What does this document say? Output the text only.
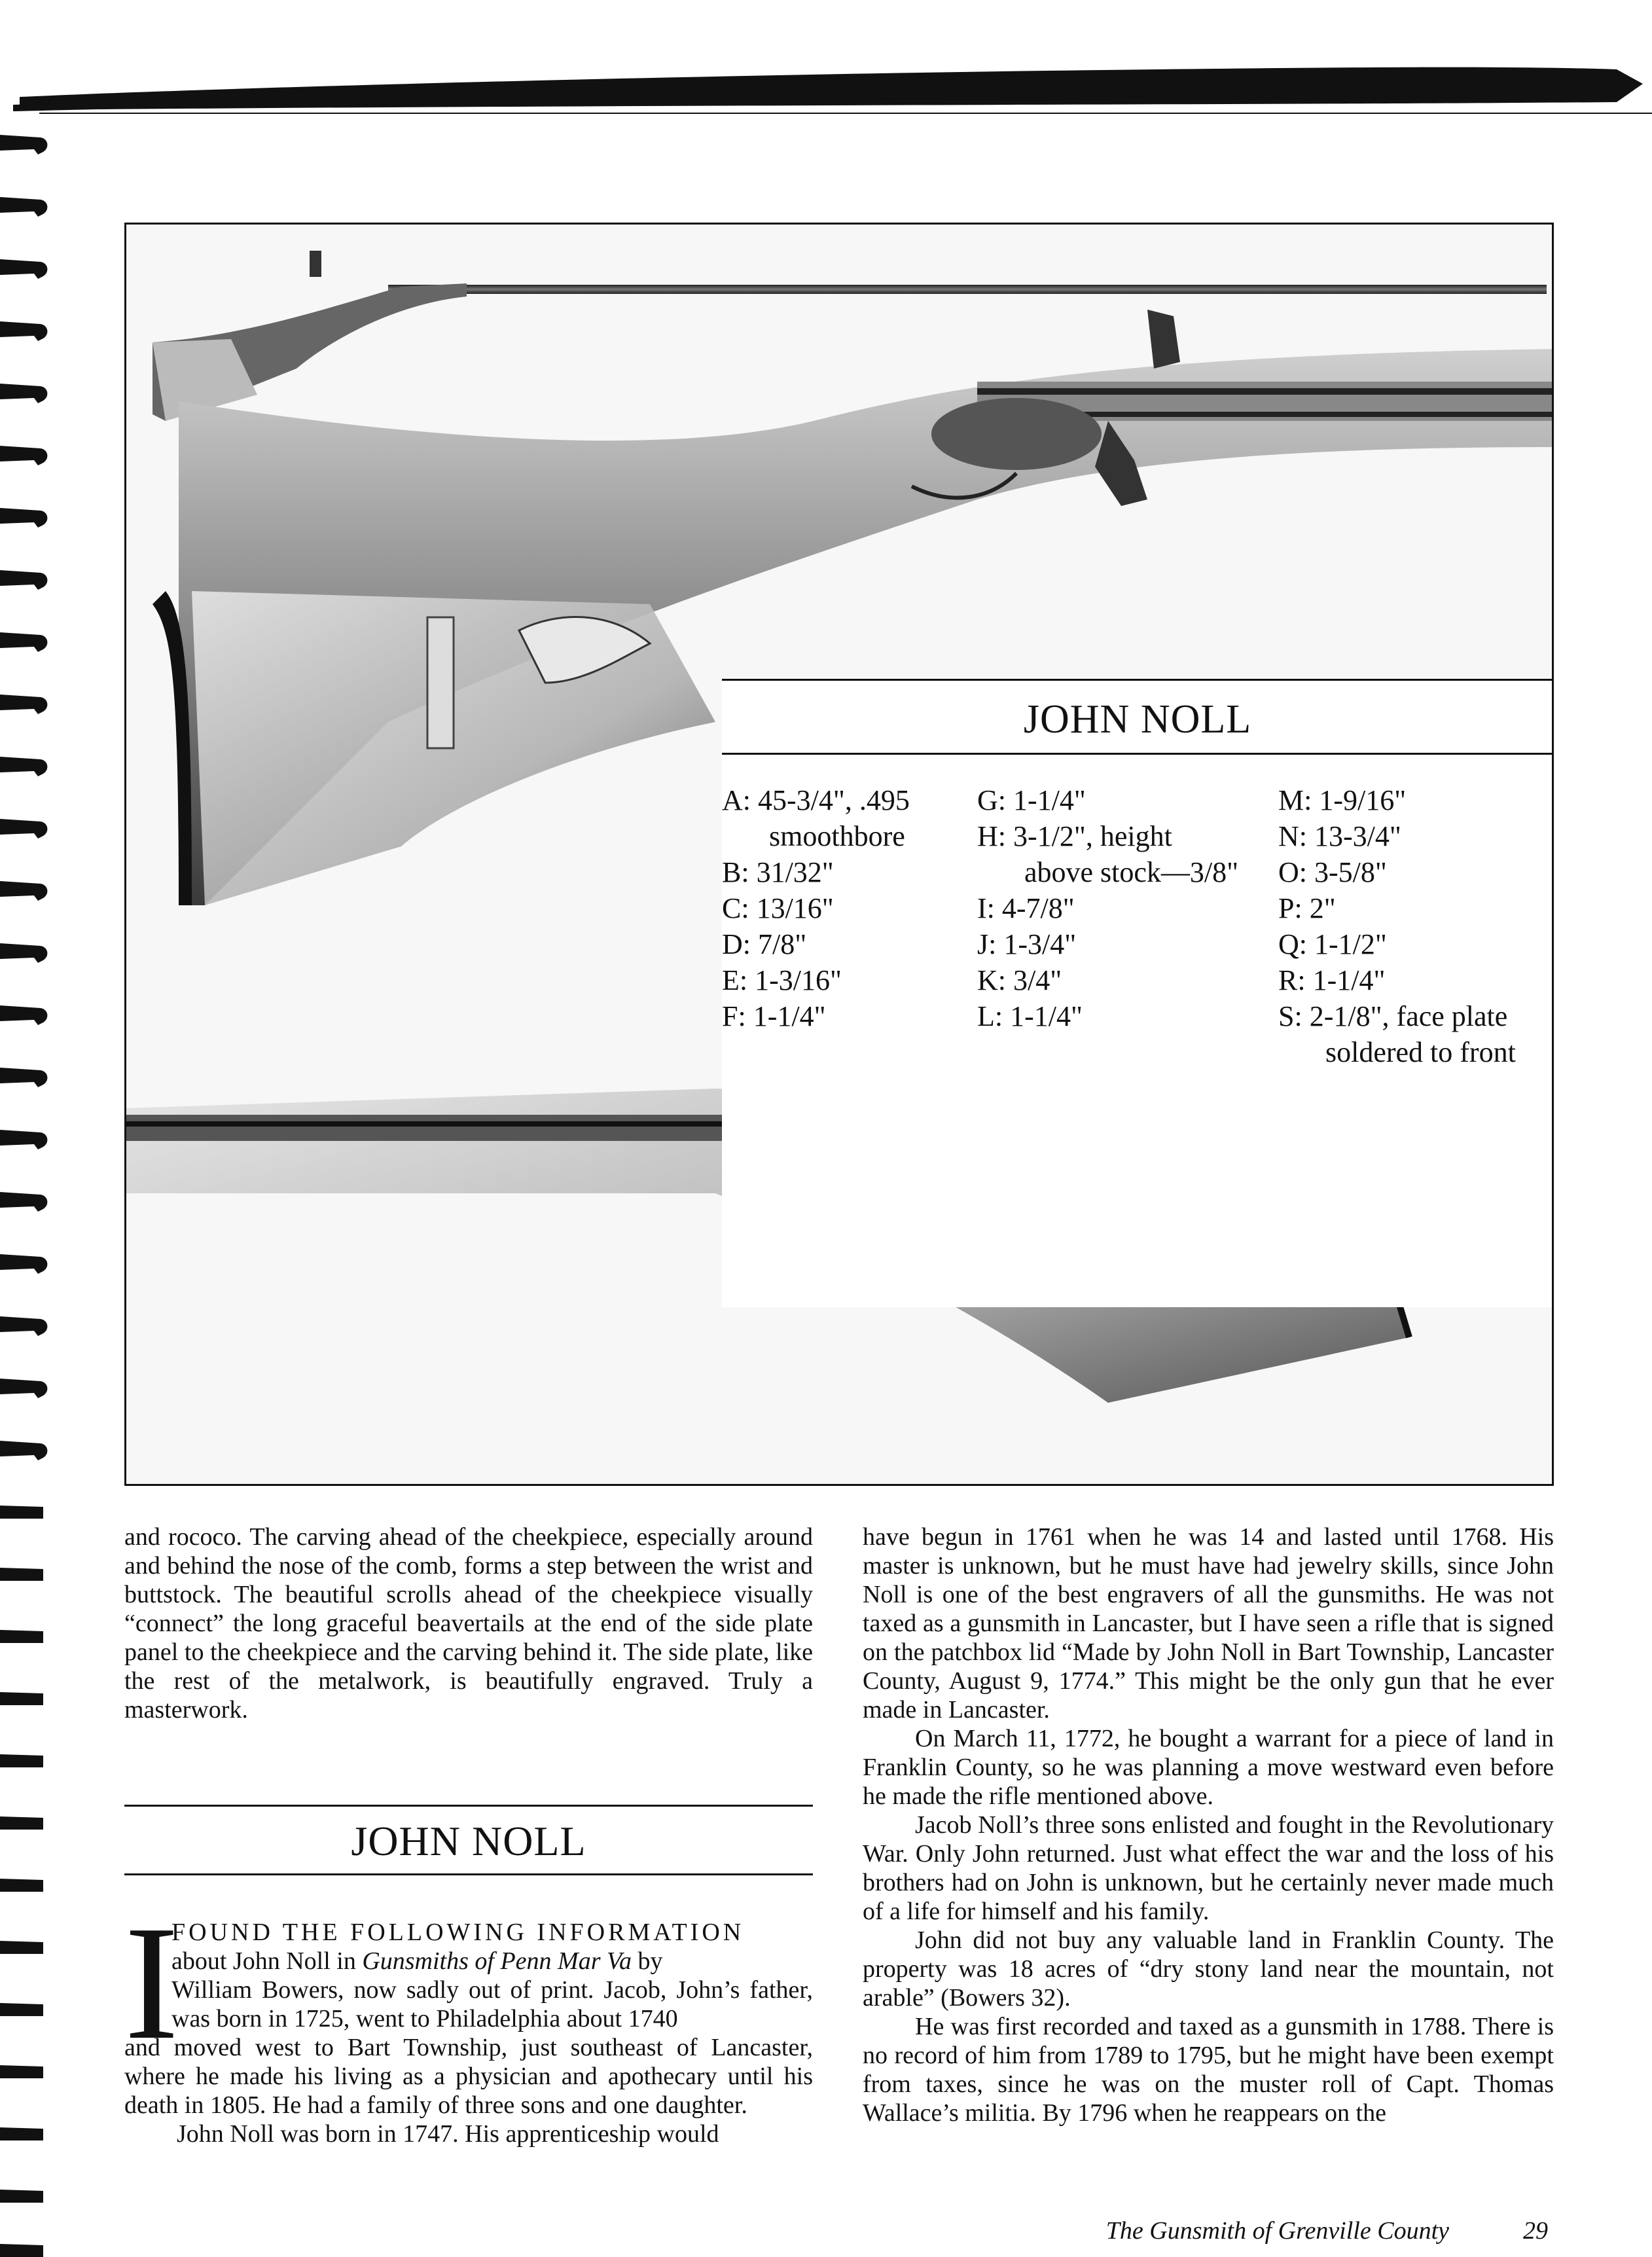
JOHN NOLL
A: 45-3/4", .495
smoothbore
B: 31/32"
C: 13/16"
D: 7/8"
E: 1-3/16"
F: 1-1/4"
G: 1-1/4"
H: 3-1/2", height
above stock—3/8"
I: 4-7/8"
J: 1-3/4"
K: 3/4"
L: 1-1/4"
M: 1-9/16"
N: 13-3/4"
O: 3-5/8"
P: 2"
Q: 1-1/2"
R: 1-1/4"
S: 2-1/8", face plate
soldered to front

and rococo. The carving ahead of the cheekpiece, especially around and behind the nose of the comb, forms a step between the wrist and buttstock. The beautiful scrolls ahead of the cheekpiece visually “connect” the long graceful beavertails at the end of the side plate panel to the cheekpiece and the carving behind it. The side plate, like the rest of the metalwork, is beautifully engraved. Truly a masterwork.

JOHN NOLL
I

FOUND THE FOLLOWING INFORMATION

about John Noll in Gunsmiths of Penn Mar Va by

William Bowers, now sadly out of print. Jacob, John’s father, was born in 1725, went to Philadelphia about 1740

and moved west to Bart Township, just southeast of Lancaster, where he made his living as a physician and apothecary until his death in 1805. He had a family of three sons and one daughter.

John Noll was born in 1747. His apprenticeship would

have begun in 1761 when he was 14 and lasted until 1768. His master is unknown, but he must have had jewelry skills, since John Noll is one of the best engravers of all the gunsmiths. He was not taxed as a gunsmith in Lancaster, but I have seen a rifle that is signed on the patchbox lid “Made by John Noll in Bart Township, Lancaster County, August 9, 1774.” This might be the only gun that he ever made in Lancaster.

On March 11, 1772, he bought a warrant for a piece of land in Franklin County, so he was planning a move westward even before he made the rifle mentioned above.

Jacob Noll’s three sons enlisted and fought in the Revolutionary War. Only John returned. Just what effect the war and the loss of his brothers had on John is unknown, but he certainly never made much of a life for himself and his family.

John did not buy any valuable land in Franklin County. The property was 18 acres of “dry stony land near the mountain, not arable” (Bowers 32).

He was first recorded and taxed as a gunsmith in 1788. There is no record of him from 1789 to 1795, but he might have been exempt from taxes, since he was on the muster roll of Capt. Thomas Wallace’s militia. By 1796 when he reappears on the

The Gunsmith of Grenville County	29
